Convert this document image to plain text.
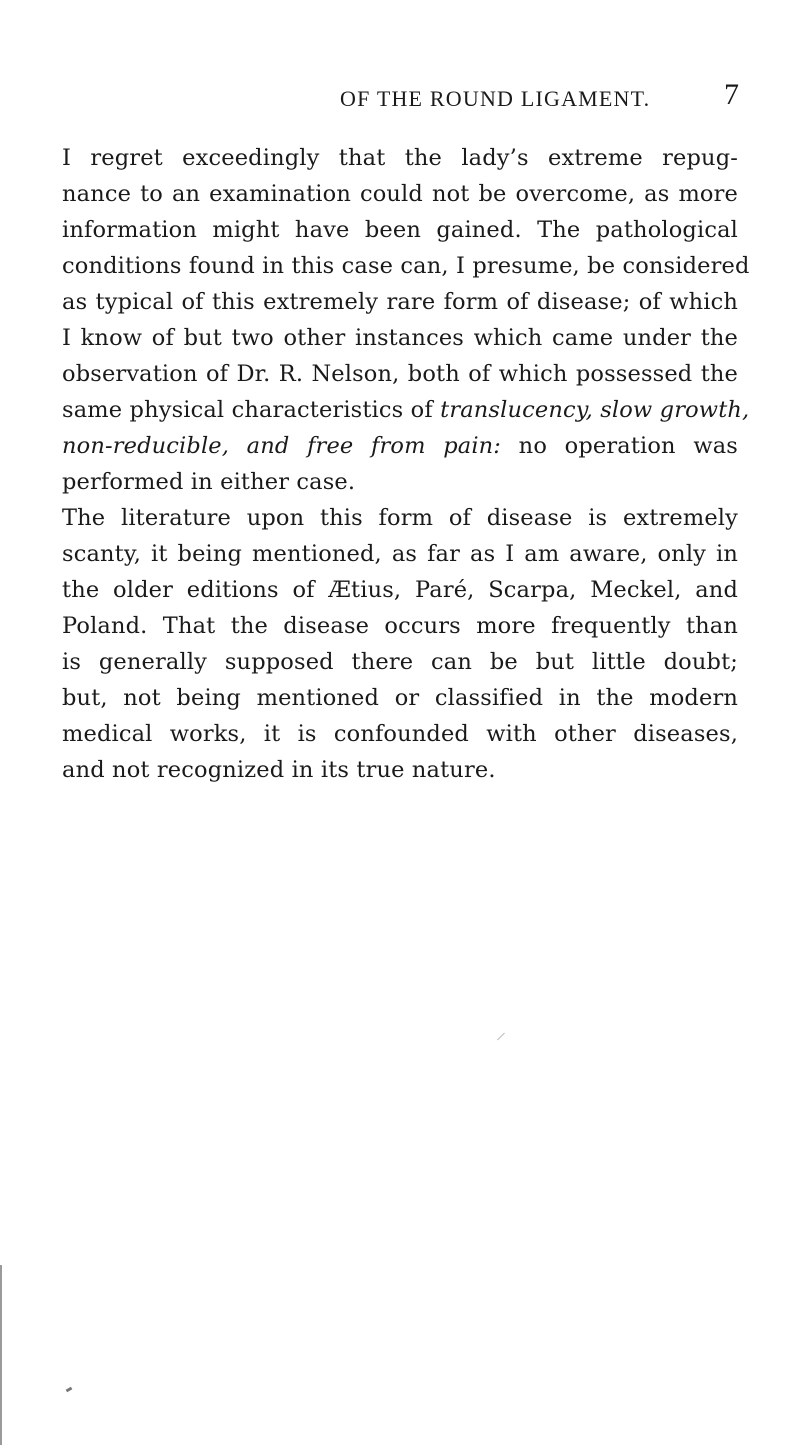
OF THE ROUND LIGAMENT. 7
I regret exceedingly that the lady’s extreme repug-
nance to an examination could not be overcome, as more
information might have been gained. The pathological
conditions found in this case can, I presume, be considered
as typical of this extremely rare form of disease; of which
I know of but two other instances which came under the
observation of Dr. R. Nelson, both of which possessed the
same physical characteristics of translucency, slow growth,
non-reducible, and free from pain: no operation was
performed in either case.
The literature upon this form of disease is extremely
scanty, it being mentioned, as far as I am aware, only in
the older editions of Ætius, Paré, Scarpa, Meckel, and
Poland. That the disease occurs more frequently than
is generally supposed there can be but little doubt;
but, not being mentioned or classified in the modern
medical works, it is confounded with other diseases,
and not recognized in its true nature.
